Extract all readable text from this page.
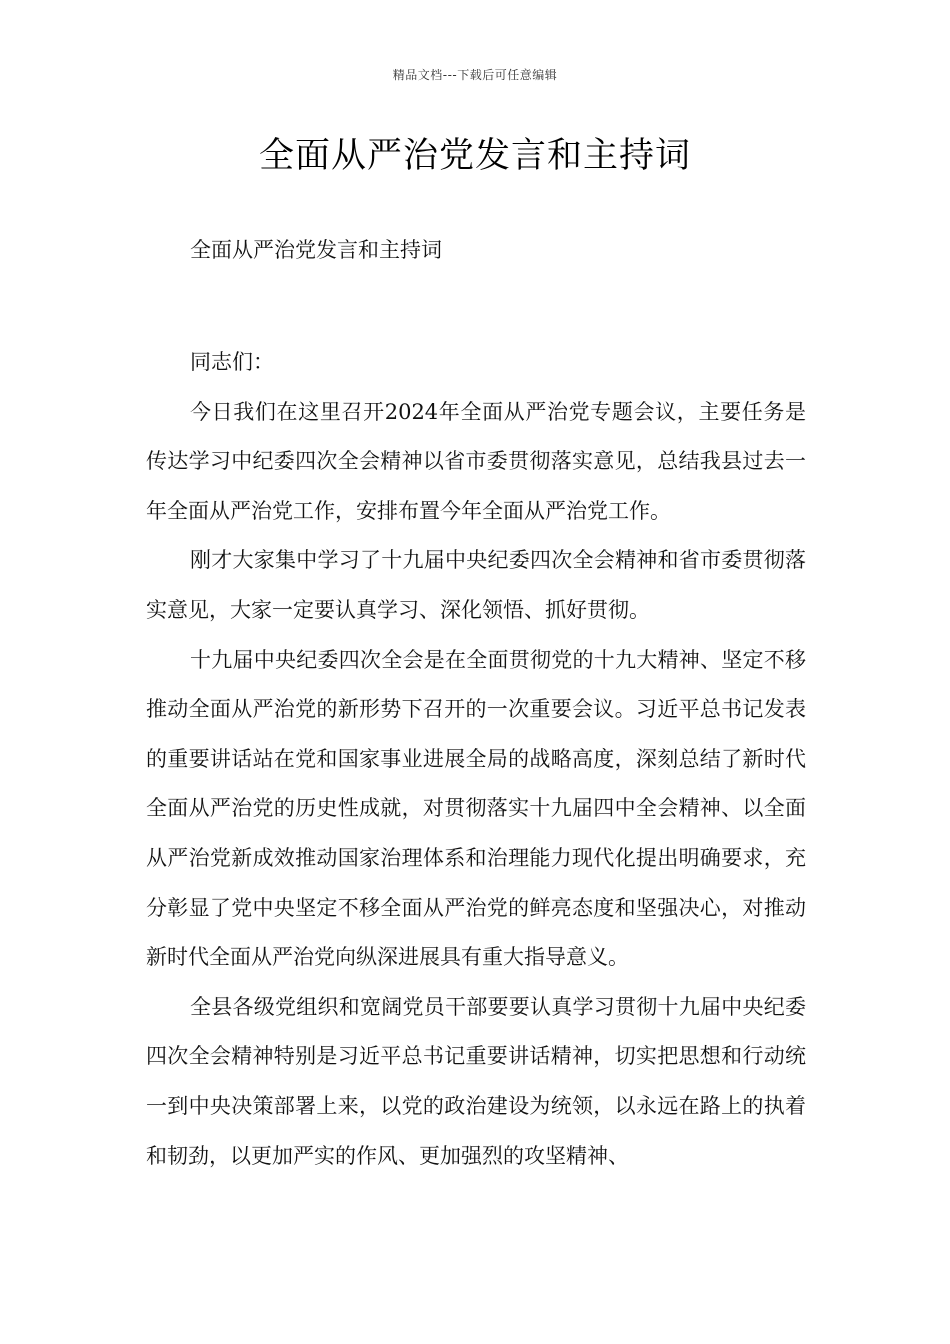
精品文档---下载后可任意编辑
全面从严治党发言和主持词

全面从严治党发言和主持词

同志们：

今日我们在这里召开2024年全面从严治党专题会议，主要任务是传达学习中纪委四次全会精神以省市委贯彻落实意见，总结我县过去一年全面从严治党工作，安排布置今年全面从严治党工作。

刚才大家集中学习了十九届中央纪委四次全会精神和省市委贯彻落实意见，大家一定要认真学习、深化领悟、抓好贯彻。

十九届中央纪委四次全会是在全面贯彻党的十九大精神、坚定不移推动全面从严治党的新形势下召开的一次重要会议。习近平总书记发表的重要讲话站在党和国家事业进展全局的战略高度，深刻总结了新时代全面从严治党的历史性成就，对贯彻落实十九届四中全会精神、以全面从严治党新成效推动国家治理体系和治理能力现代化提出明确要求，充分彰显了党中央坚定不移全面从严治党的鲜亮态度和坚强决心，对推动新时代全面从严治党向纵深进展具有重大指导意义。

全县各级党组织和宽阔党员干部要要认真学习贯彻十九届中央纪委四次全会精神特别是习近平总书记重要讲话精神，切实把思想和行动统一到中央决策部署上来，以党的政治建设为统领，以永远在路上的执着和韧劲，以更加严实的作风、更加强烈的攻坚精神、
